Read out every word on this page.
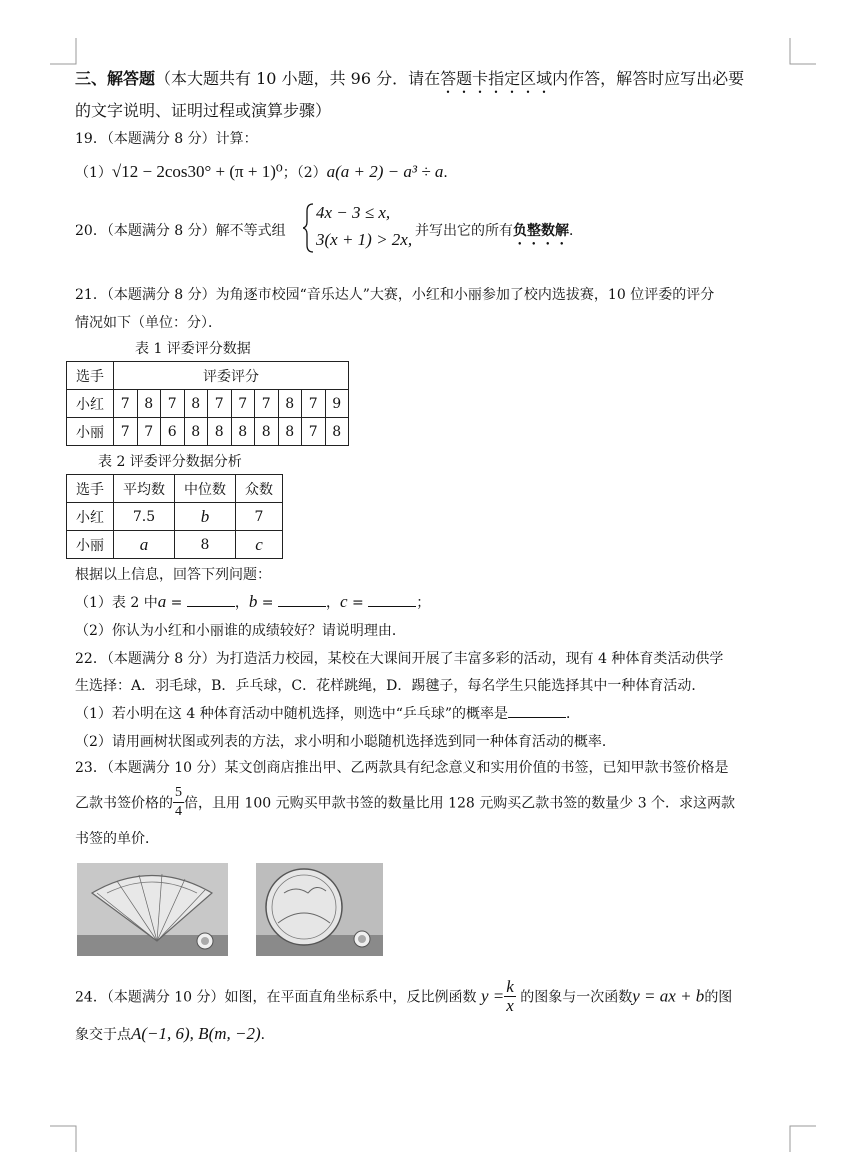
三、解答题（本大题共有 10 小题，共 96 分．请在答题卡指定区域内作答，解答时应写出必要
的文字说明、证明过程或演算步骤）
19．（本题满分 8 分）计算：
（1）√12 − 2cos30° + (π + 1)⁰；（2）a(a + 2) − a³ ÷ a．
20．（本题满分 8 分）解不等式组
4x − 3 ≤ x,
3(x + 1) > 2x, 并写出它的所有负整数解．
21．（本题满分 8 分）为角逐市校园“音乐达人”大赛，小红和小丽参加了校内选拔赛，10 位评委的评分
情况如下（单位：分）．
表 1 评委评分数据
选手	评委评分									
小红	7	8	7	8	7	7	7	8	7	9
小丽	7	7	6	8	8	8	8	8	7	8
表 2 评委评分数据分析
选手	平均数	中位数	众数
小红	7.5	b	7
小丽	a	8	c
根据以上信息，回答下列问题：
（1）表 2 中a =	，b =	，c =	；
（2）你认为小红和小丽谁的成绩较好？请说明理由．
22．（本题满分 8 分）为打造活力校园，某校在大课间开展了丰富多彩的活动，现有 4 种体育类活动供学
生选择：A．羽毛球，B．乒乓球，C．花样跳绳，D．踢毽子，每名学生只能选择其中一种体育活动．
（1）若小明在这 4 种体育活动中随机选择，则选中“乒乓球”的概率是	．
（2）请用画树状图或列表的方法，求小明和小聪随机选择选到同一种体育活动的概率．
23．（本题满分 10 分）某文创商店推出甲、乙两款具有纪念意义和实用价值的书签，已知甲款书签价格是
乙款书签价格的 $\frac{5}{4}$ 倍，且用 100 元购买甲款书签的数量比用 128 元购买乙款书签的数量少 3 个．求这两款
书签的单价．
24．（本题满分 10 分）如图，在平面直角坐标系中，反比例函数 $y = \frac{k}{x}$ 的图象与一次函数y = ax + b的图
象交于点A(−1, 6), B(m, −2)．
